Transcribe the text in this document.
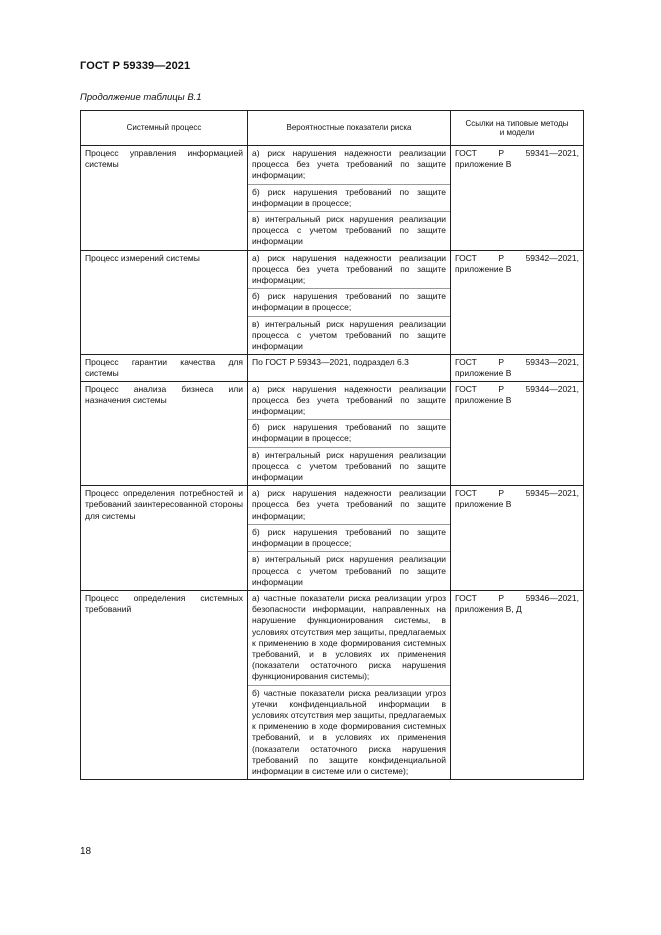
ГОСТ Р 59339—2021
Продолжение таблицы В.1
Системный процесс	Вероятностные показатели риска	Ссылки на типовые методы
и модели
Процесс управления информацией системы	а) риск нарушения надежности реализации процесса без учета требований по защите информации;
б) риск нарушения требований по защите информации в процессе;
в) интегральный риск нарушения реализации процесса с учетом требований по защите информации	ГОСТ Р 59341—2021, приложение В
Процесс измерений системы	а) риск нарушения надежности реализации процесса без учета требований по защите информации;
б) риск нарушения требований по защите информации в процессе;
в) интегральный риск нарушения реализации процесса с учетом требований по защите информации	ГОСТ Р 59342—2021, приложение В
Процесс гарантии качества для системы	По ГОСТ Р 59343—2021, подраздел 6.3	ГОСТ Р 59343—2021, приложение В
Процесс анализа бизнеса или назначения системы	а) риск нарушения надежности реализации процесса без учета требований по защите информации;
б) риск нарушения требований по защите информации в процессе;
в) интегральный риск нарушения реализации процесса с учетом требований по защите информации	ГОСТ Р 59344—2021, приложение В
Процесс определения потребностей и требований заинтересованной стороны для системы	а) риск нарушения надежности реализации процесса без учета требований по защите информации;
б) риск нарушения требований по защите информации в процессе;
в) интегральный риск нарушения реализации процесса с учетом требований по защите информации	ГОСТ Р 59345—2021, приложение В
Процесс определения системных требований	а) частные показатели риска реализации угроз безопасности информации, направленных на нарушение функционирования системы, в условиях отсутствия мер защиты, предлагаемых к применению в ходе формирования системных требований, и в условиях их применения (показатели остаточного риска нарушения функционирования системы);
б) частные показатели риска реализации угроз утечки конфиденциальной информации в условиях отсутствия мер защиты, предлагаемых к применению в ходе формирования системных требований, и в условиях их применения (показатели остаточного риска нарушения требований по защите конфиденциальной информации в системе или о системе);	ГОСТ Р 59346—2021, приложения В, Д
18
